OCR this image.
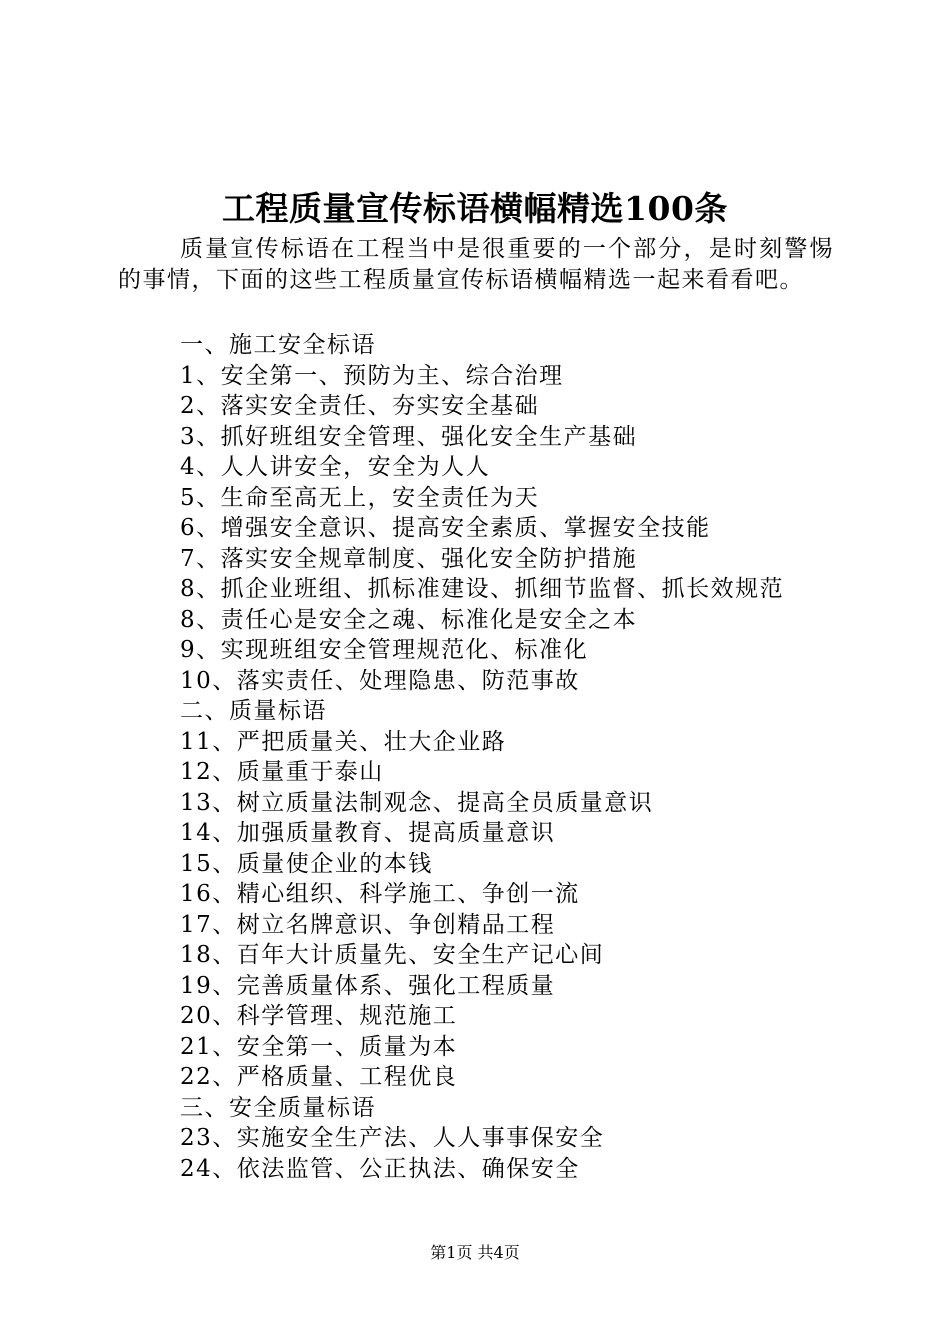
工程质量宣传标语横幅精选100条

质量宣传标语在工程当中是很重要的一个部分，是时刻警惕的事情，下面的这些工程质量宣传标语横幅精选一起来看看吧。

一、施工安全标语
1、安全第一、预防为主、综合治理
2、落实安全责任、夯实安全基础
3、抓好班组安全管理、强化安全生产基础
4、人人讲安全，安全为人人
5、生命至高无上，安全责任为天
6、增强安全意识、提高安全素质、掌握安全技能
7、落实安全规章制度、强化安全防护措施
8、抓企业班组、抓标准建设、抓细节监督、抓长效规范
8、责任心是安全之魂、标准化是安全之本
9、实现班组安全管理规范化、标准化
10、落实责任、处理隐患、防范事故
二、质量标语
11、严把质量关、壮大企业路
12、质量重于泰山
13、树立质量法制观念、提高全员质量意识
14、加强质量教育、提高质量意识
15、质量使企业的本钱
16、精心组织、科学施工、争创一流
17、树立名牌意识、争创精品工程
18、百年大计质量先、安全生产记心间
19、完善质量体系、强化工程质量
20、科学管理、规范施工
21、安全第一、质量为本
22、严格质量、工程优良
三、安全质量标语
23、实施安全生产法、人人事事保安全
24、依法监管、公正执法、确保安全
第1页 共4页
